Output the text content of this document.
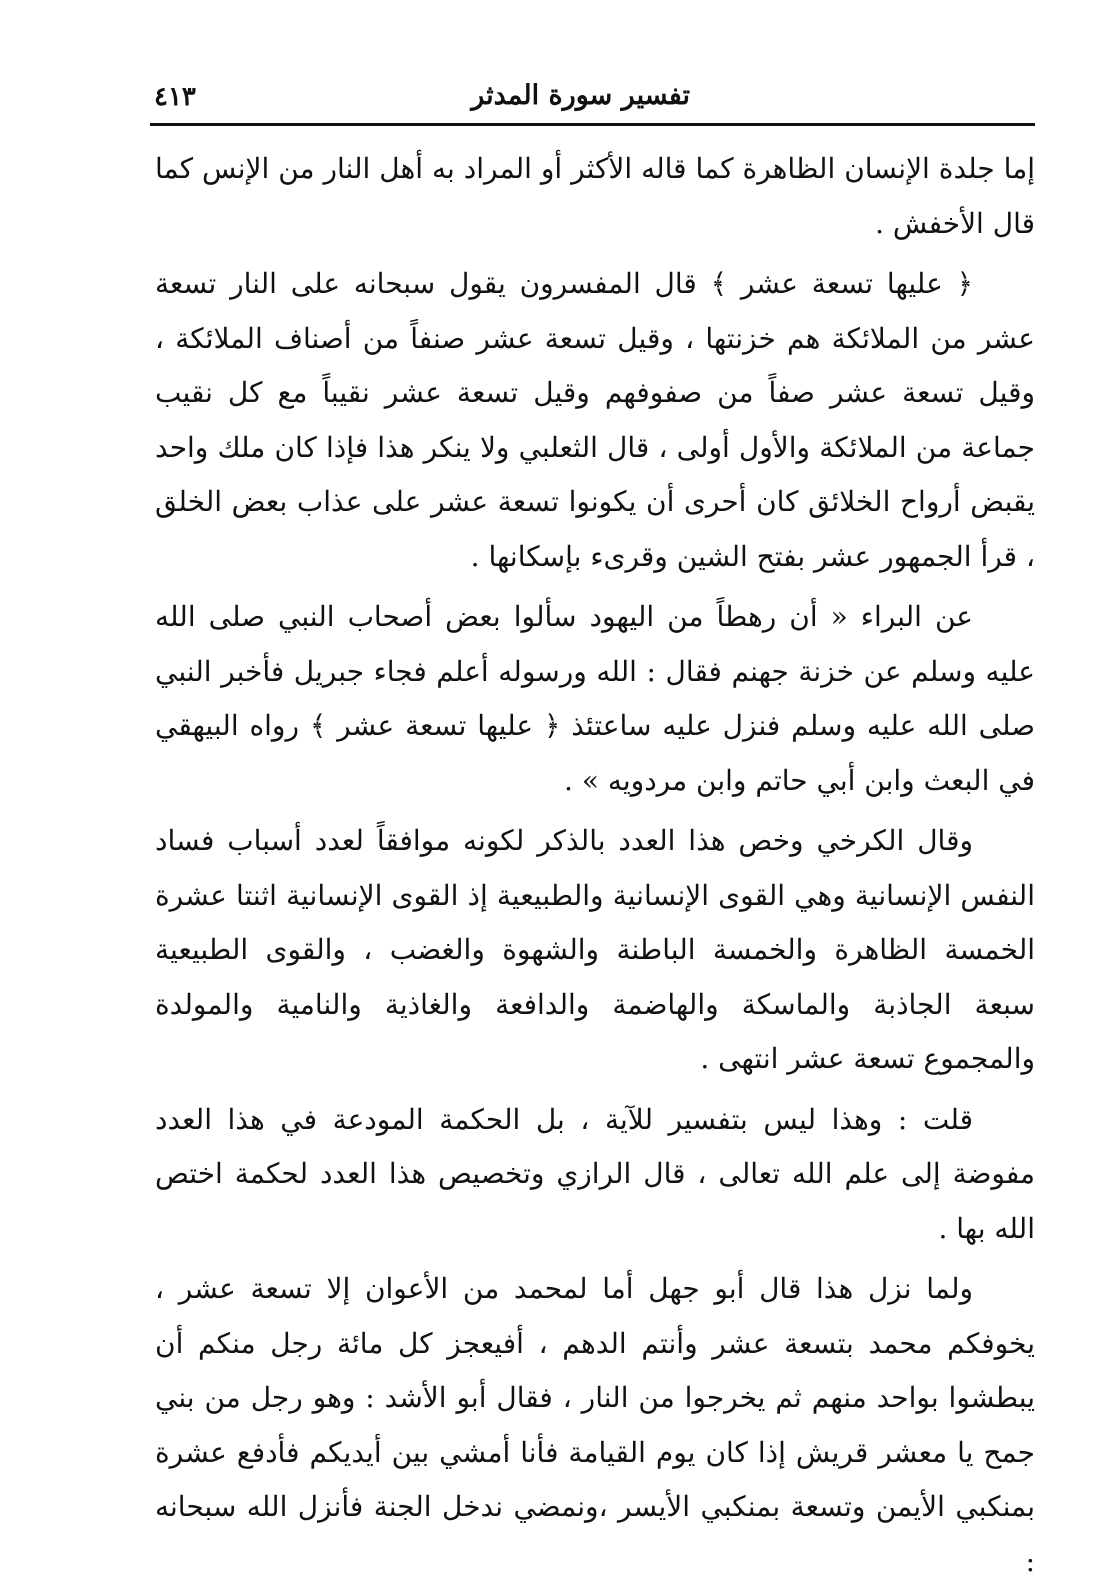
تفسير سورة المدثر
٤١٣

إما جلدة الإنسان الظاهرة كما قاله الأكثر أو المراد به أهل النار من الإنس كما قال الأخفش .

﴿ عليها تسعة عشر ﴾ قال المفسرون يقول سبحانه على النار تسعة عشر من الملائكة هم خزنتها ، وقيل تسعة عشر صنفاً من أصناف الملائكة ، وقيل تسعة عشر صفاً من صفوفهم وقيل تسعة عشر نقيباً مع كل نقيب جماعة من الملائكة والأول أولى ، قال الثعلبي ولا ينكر هذا فإذا كان ملك واحد يقبض أرواح الخلائق كان أحرى أن يكونوا تسعة عشر على عذاب بعض الخلق ، قرأ الجمهور عشر بفتح الشين وقرىء بإسكانها .

عن البراء « أن رهطاً من اليهود سألوا بعض أصحاب النبي صلى الله عليه وسلم عن خزنة جهنم فقال : الله ورسوله أعلم فجاء جبريل فأخبر النبي صلى الله عليه وسلم فنزل عليه ساعتئذ ﴿ عليها تسعة عشر ﴾ رواه البيهقي في البعث وابن أبي حاتم وابن مردويه » .

وقال الكرخي وخص هذا العدد بالذكر لكونه موافقاً لعدد أسباب فساد النفس الإنسانية وهي القوى الإنسانية والطبيعية إذ القوى الإنسانية اثنتا عشرة الخمسة الظاهرة والخمسة الباطنة والشهوة والغضب ، والقوى الطبيعية سبعة الجاذبة والماسكة والهاضمة والدافعة والغاذية والنامية والمولدة والمجموع تسعة عشر انتهى .

قلت : وهذا ليس بتفسير للآية ، بل الحكمة المودعة في هذا العدد مفوضة إلى علم الله تعالى ، قال الرازي وتخصيص هذا العدد لحكمة اختص الله بها .

ولما نزل هذا قال أبو جهل أما لمحمد من الأعوان إلا تسعة عشر ، يخوفكم محمد بتسعة عشر وأنتم الدهم ، أفيعجز كل مائة رجل منكم أن يبطشوا بواحد منهم ثم يخرجوا من النار ، فقال أبو الأشد : وهو رجل من بني جمح يا معشر قريش إذا كان يوم القيامة فأنا أمشي بين أيديكم فأدفع عشرة بمنكبي الأيمن وتسعة بمنكبي الأيسر ،ونمضي ندخل الجنة فأنزل الله سبحانه :
